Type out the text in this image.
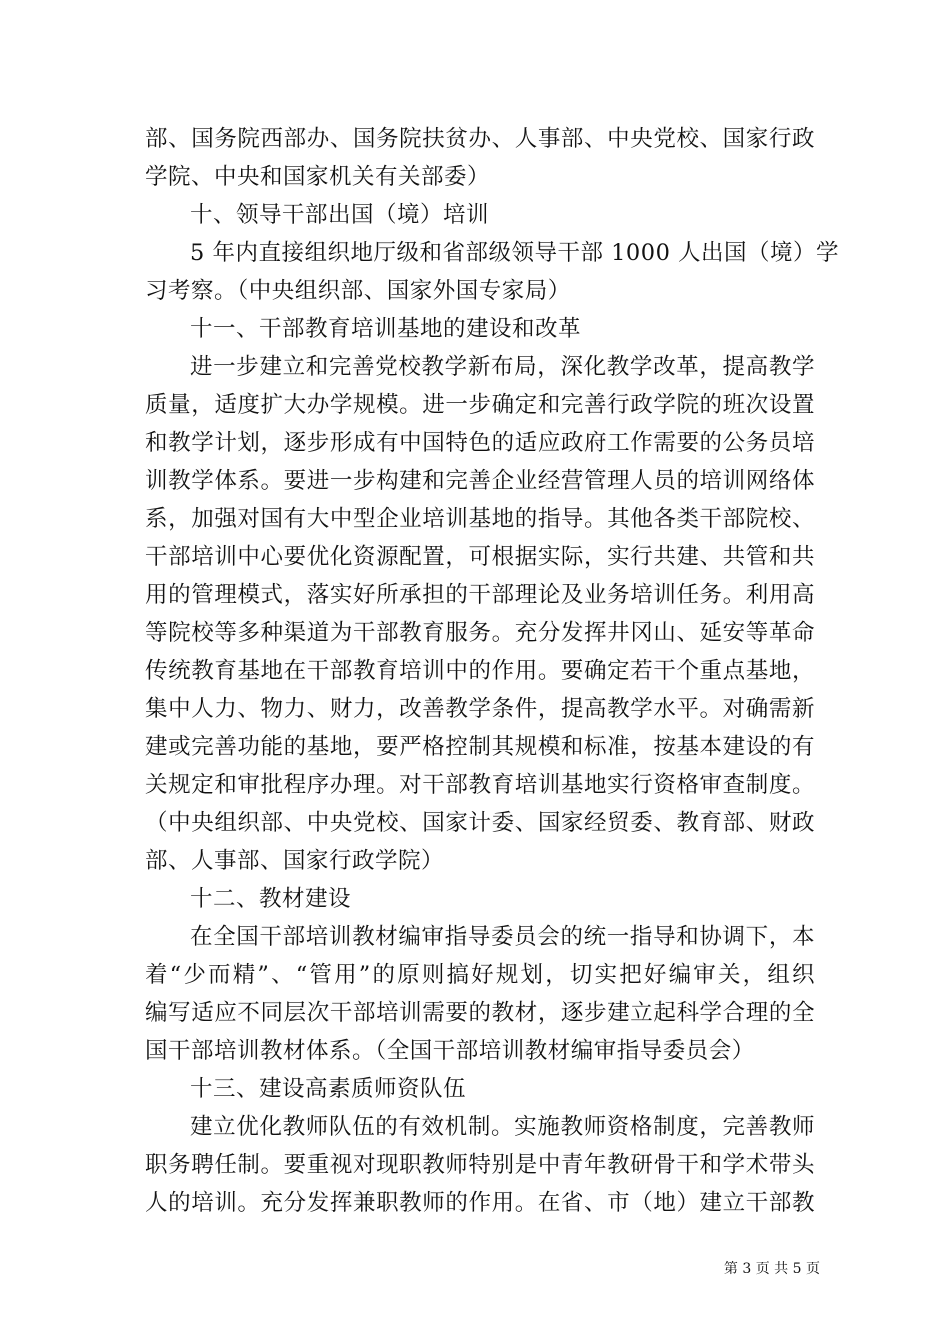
部、国务院西部办、国务院扶贫办、人事部、中央党校、国家行政
学院、中央和国家机关有关部委）
十、领导干部出国（境）培训
5 年内直接组织地厅级和省部级领导干部 1000 人出国（境）学
习考察。（中央组织部、国家外国专家局）
十一、干部教育培训基地的建设和改革
进一步建立和完善党校教学新布局，深化教学改革，提高教学
质量，适度扩大办学规模。进一步确定和完善行政学院的班次设置
和教学计划，逐步形成有中国特色的适应政府工作需要的公务员培
训教学体系。要进一步构建和完善企业经营管理人员的培训网络体
系，加强对国有大中型企业培训基地的指导。其他各类干部院校、
干部培训中心要优化资源配置，可根据实际，实行共建、共管和共
用的管理模式，落实好所承担的干部理论及业务培训任务。利用高
等院校等多种渠道为干部教育服务。充分发挥井冈山、延安等革命
传统教育基地在干部教育培训中的作用。要确定若干个重点基地，
集中人力、物力、财力，改善教学条件，提高教学水平。对确需新
建或完善功能的基地，要严格控制其规模和标准，按基本建设的有
关规定和审批程序办理。对干部教育培训基地实行资格审查制度。
（中央组织部、中央党校、国家计委、国家经贸委、教育部、财政
部、人事部、国家行政学院）
十二、教材建设
在全国干部培训教材编审指导委员会的统一指导和协调下，本
着“少而精”、“管用”的原则搞好规划，切实把好编审关，组织
编写适应不同层次干部培训需要的教材，逐步建立起科学合理的全
国干部培训教材体系。（全国干部培训教材编审指导委员会）
十三、建设高素质师资队伍
建立优化教师队伍的有效机制。实施教师资格制度，完善教师
职务聘任制。要重视对现职教师特别是中青年教研骨干和学术带头
人的培训。充分发挥兼职教师的作用。在省、市（地）建立干部教
第 3 页 共 5 页
